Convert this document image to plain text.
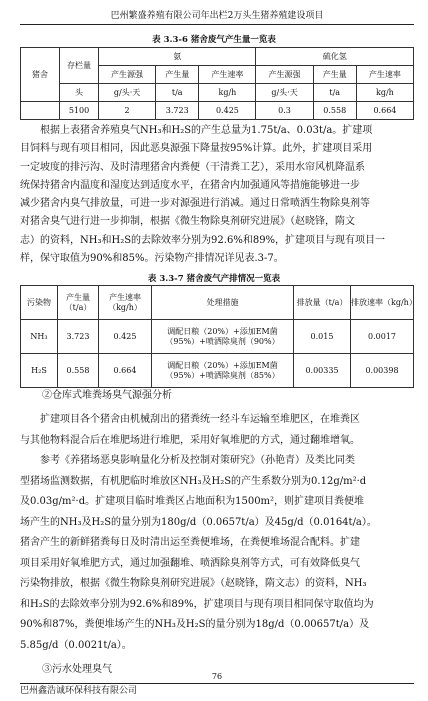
巴州繁盛养殖有限公司年出栏2万头生猪养殖建设项目
表 3.3-6 猪舍废气产生量一览表
猪舍	存栏量	氨			硫化氢		
		产生源强	产生量	产生速率	产生源强	产生量	产生速率
	头	g/头·天	t/a	kg/h	g/头·天	t/a	kg/h
	5100	2	3.723	0.425	0.3	0.558	0.664
根据上表猪舍养殖臭气NH₃和H₂S的产生总量为1.75t/a、0.03t/a。扩建项
目饲料与现有项目相同，因此恶臭源强下降量按95%计算。此外，扩建项目采用
一定坡度的排污沟、及时清理猪舍内粪便（干清粪工艺），采用水帘风机降温系
统保持猪舍内温度和湿度达到适度水平，在猪舍内加强通风等措施能够进一步
减少猪舍内臭气排放量，可进一步对源强进行消减。通过日常喷洒生物除臭剂等
对猪舍臭气进行进一步抑制，根据《微生物除臭剂研究进展》（赵晓锋，隋文
志）的资料，NH₃和H₂S的去除效率分别为92.6%和89%，扩建项目与现有项目一
样，保守取值为90%和85%。污染物产排情况详见表.3-7。
表 3.3-7 猪舍废气产排情况一览表
污染物	产生量（t/a）	产生速率（kg/h）	处理措施	排放量（t/a）	排放速率（kg/h）
NH₃	3.723	0.425	调配日粮（20%）+添加EM菌（95%）+喷洒除臭剂（90%）	0.015	0.0017
H₂S	0.558	0.664	调配日粮（20%）+添加EM菌（95%）+喷洒除臭剂（85%）	0.00335	0.00398
②仓库式堆粪场臭气源强分析
扩建项目各个猪舍由机械刮出的猪粪统一经斗车运输至堆肥区，在堆粪区
与其他物料混合后在堆肥场进行堆肥，采用好氧堆肥的方式，通过翻堆增氧。
参考《养猪场恶臭影响量化分析及控制对策研究》（孙艳青）及类比同类
型猪场监测数据，有机肥临时堆放区NH₃及H₂S的产生系数分别为0.12g/m²·d
及0.03g/m²·d。扩建项目临时堆粪区占地面积为1500m²，则扩建项目粪便堆
场产生的NH₃及H₂S的量分别为180g/d（0.0657t/a）及45g/d（0.0164t/a）。
猪舍产生的新鲜猪粪每日及时清出运至粪便堆场，在粪便堆场混合配料。扩建
项目采用好氧堆肥方式，通过加强翻堆、喷洒除臭剂等方式，可有效降低臭气
污染物排放，根据《微生物除臭剂研究进展》（赵晓锋，隋文志）的资料，NH₃
和H₂S的去除效率分别为92.6%和89%，扩建项目与现有项目相同保守取值均为
90%和87%，粪便堆场产生的NH₃及H₂S的量分别为18g/d（0.00657t/a）及
5.85g/d（0.0021t/a）。
③污水处理臭气
76
巴州鑫浩诚环保科技有限公司
